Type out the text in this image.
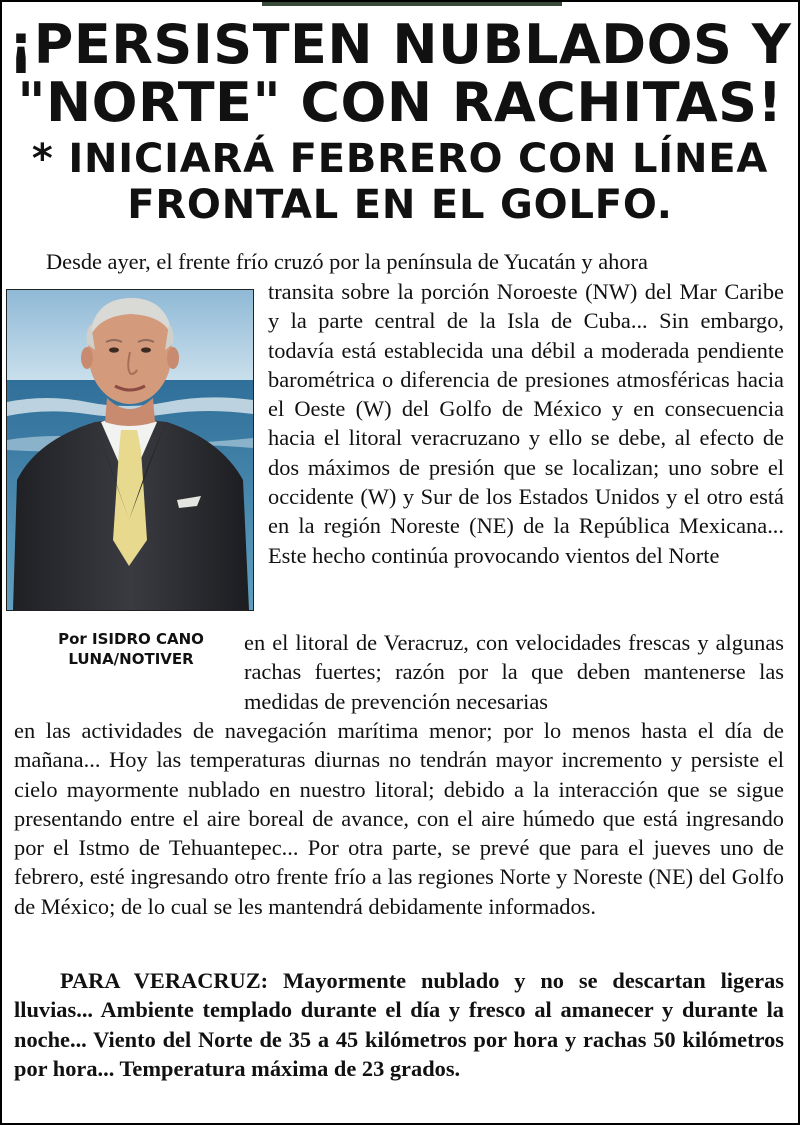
¡PERSISTEN NUBLADOS Y
"NORTE" CON RACHITAS!
* INICIARÁ FEBRERO CON LÍNEA
FRONTAL EN EL GOLFO.
Desde ayer, el frente frío cruzó por la península de Yucatán y ahora
transita sobre la porción Noroeste (NW) del Mar Caribe y la parte central de la Isla de Cuba... Sin embargo, todavía está establecida una débil a moderada pendiente barométrica o diferencia de presiones atmosféricas hacia el Oeste (W) del Golfo de México y en consecuencia hacia el litoral veracruzano y ello se debe, al efecto de dos máximos de presión que se localizan; uno sobre el occidente (W) y Sur de los Estados Unidos y el otro está en la región Noreste (NE) de la República Mexicana... Este hecho continúa provocando vientos del Norte
Por ISIDRO CANO
LUNA/NOTIVER
en el litoral de Veracruz, con velocidades frescas y algunas rachas fuertes; razón por la que deben mantenerse las medidas de prevención necesarias
en las actividades de navegación marítima menor; por lo menos hasta el día de mañana... Hoy las temperaturas diurnas no tendrán mayor incremento y persiste el cielo mayormente nublado en nuestro litoral; debido a la interacción que se sigue presentando entre el aire boreal de avance, con el aire húmedo que está ingresando por el Istmo de Tehuantepec... Por otra parte, se prevé que para el jueves uno de febrero, esté ingresando otro frente frío a las regiones Norte y Noreste (NE) del Golfo de México; de lo cual se les mantendrá debidamente informados.
PARA VERACRUZ: Mayormente nublado y no se descartan ligeras lluvias... Ambiente templado durante el día y fresco al amanecer y durante la noche... Viento del Norte de 35 a 45 kilómetros por hora y rachas 50 kilómetros por hora... Temperatura máxima de 23 grados.
